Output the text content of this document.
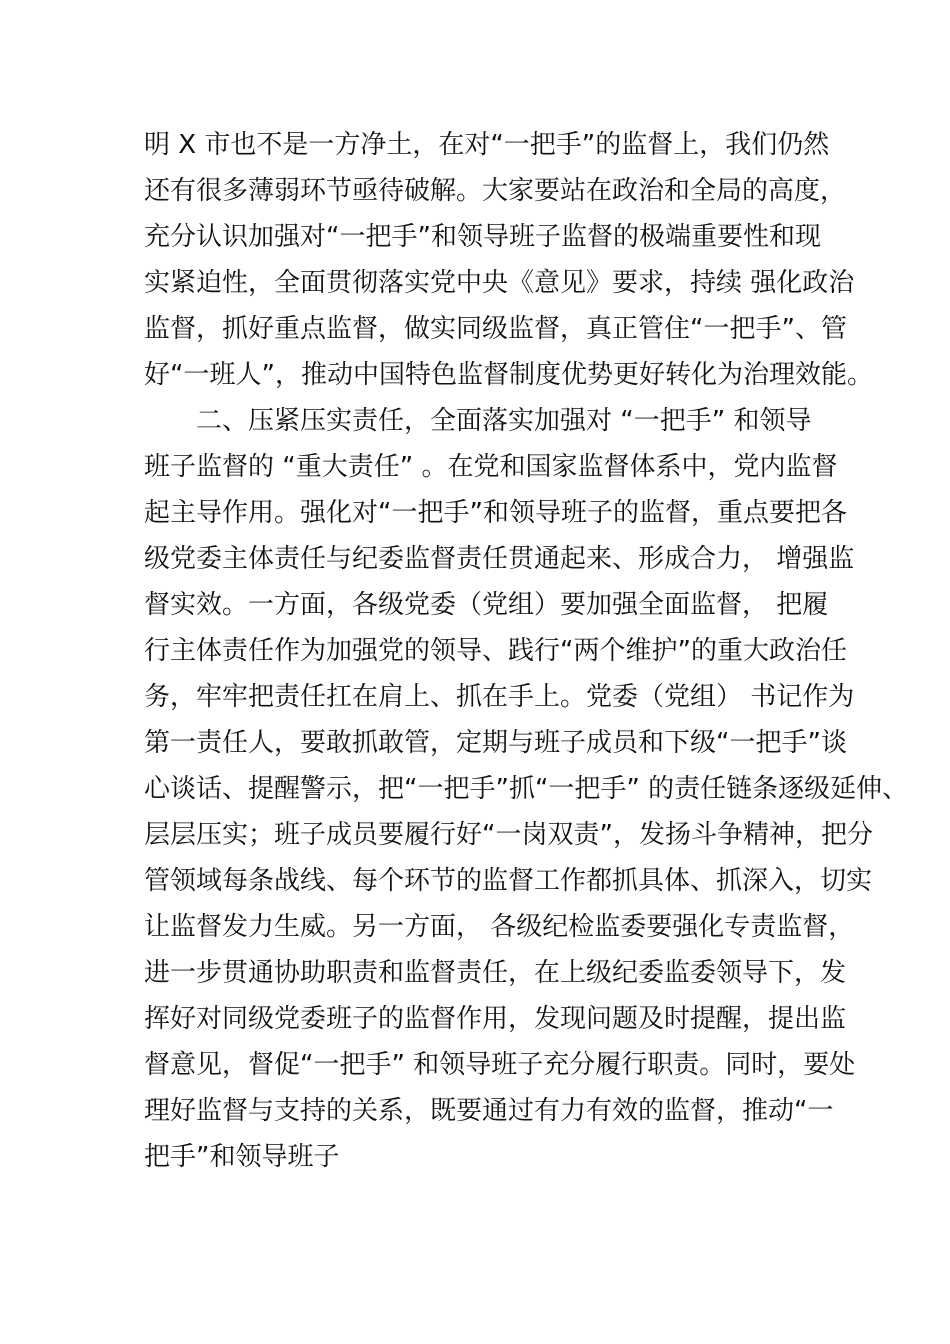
明 X 市也不是一方净土，在对“一把手”的监督上，我们仍然
还有很多薄弱环节亟待破解。大家要站在政治和全局的高度，
充分认识加强对“一把手”和领导班子监督的极端重要性和现
实紧迫性，全面贯彻落实党中央《意见》要求，持续 强化政治
监督，抓好重点监督，做实同级监督，真正管住“一把手”、管
好“一班人”，推动中国特色监督制度优势更好转化为治理效能。
　　二、压紧压实责任，全面落实加强对 “一把手” 和领导
班子监督的 “重大责任” 。在党和国家监督体系中，党内监督
起主导作用。强化对“一把手”和领导班子的监督，重点要把各
级党委主体责任与纪委监督责任贯通起来、形成合力， 增强监
督实效。一方面，各级党委（党组）要加强全面监督， 把履
行主体责任作为加强党的领导、践行“两个维护”的重大政治任
务，牢牢把责任扛在肩上、抓在手上。党委（党组） 书记作为
第一责任人，要敢抓敢管，定期与班子成员和下级“一把手”谈
心谈话、提醒警示，把“一把手”抓“一把手” 的责任链条逐级延伸、
层层压实；班子成员要履行好“一岗双责”，发扬斗争精神，把分
管领域每条战线、每个环节的监督工作都抓具体、抓深入，切实
让监督发力生威。另一方面， 各级纪检监委要强化专责监督，
进一步贯通协助职责和监督责任，在上级纪委监委领导下，发
挥好对同级党委班子的监督作用，发现问题及时提醒，提出监
督意见，督促“一把手” 和领导班子充分履行职责。同时，要处
理好监督与支持的关系，既要通过有力有效的监督，推动“一
把手”和领导班子
